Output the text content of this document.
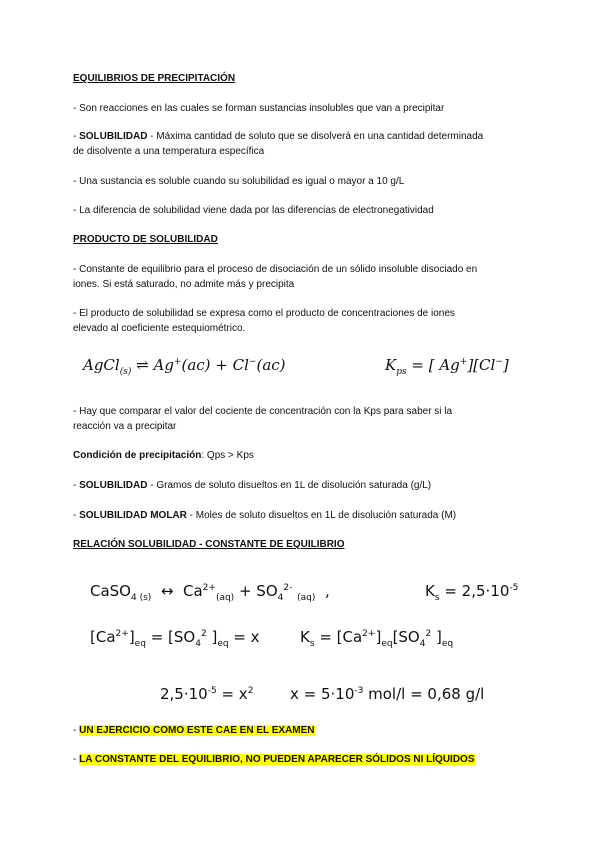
EQUILIBRIOS DE PRECIPITACIÓN
- Son reacciones en las cuales se forman sustancias insolubles que van a precipitar
- SOLUBILIDAD - Máxima cantidad de soluto que se disolverá en una cantidad determinada
de disolvente a una temperatura específica
- Una sustancia es soluble cuando su solubilidad es igual o mayor a 10 g/L
- La diferencia de solubilidad viene dada por las diferencias de electronegatividad
PRODUCTO DE SOLUBILIDAD
- Constante de equilibrio para el proceso de disociación de un sólido insoluble disociado en
iones. Si está saturado, no admite más y precipita
- El producto de solubilidad se expresa como el producto de concentraciones de iones
elevado al coeficiente estequiométrico.
AgCl$_{(s)}$ ⇌ Ag+(ac) + Cl−(ac)	$K_{ps}$ = [ Ag+][Cl−]
- Hay que comparar el valor del cociente de concentración con la Kps para saber si la
reacción va a precipitar
Condición de precipitación: Qps > Kps
- SOLUBILIDAD - Gramos de soluto disueltos en 1L de disolución saturada (g/L)
- SOLUBILIDAD MOLAR - Moles de soluto disueltos en 1L de disolución saturada (M)
RELACIÓN SOLUBILIDAD - CONSTANTE DE EQUILIBRIO
CaSO$_{4 (s)}$ ↔ $Ca^{2+}_{(aq)} + SO_4^{2-}$ $_{(aq)}$ ,	$K_s = 2,5\cdot 10^{-5}$
$[Ca^{2+}]_{eq} = [SO_4^2$ ]$_{eq} = x$	$K_s = [Ca^{2+}]_{eq}[SO_4^2$ ]$_{eq}$
$2,5\cdot 10^{-5} = x^2$ $x = 5\cdot 10^{-3}$ mol/l = 0,68 g/l
- UN EJERCICIO COMO ESTE CAE EN EL EXAMEN
- LA CONSTANTE DEL EQUILIBRIO, NO PUEDEN APARECER SÓLIDOS NI LÍQUIDOS
